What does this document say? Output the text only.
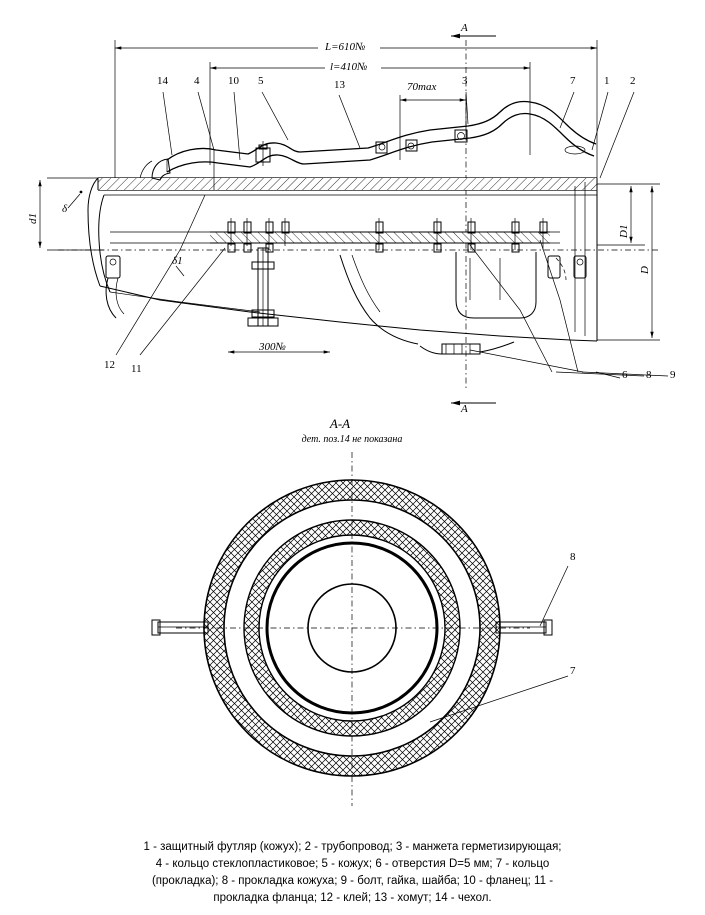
A
A
L=610№
l=410№
70max
300№
d1
δ
D1
D
δ1
14 4	10 5	13	3	7	1 2
12 11	6 8 9
А-А
дет. поз.14 не показана
8
7
1 - защитный футляр (кожух); 2 - трубопровод; 3 - манжета герметизирующая;
4 - кольцо стеклопластиковое; 5 - кожух; 6 - отверстия D=5 мм; 7 - кольцо
(прокладка); 8 - прокладка кожуха; 9 - болт, гайка, шайба; 10 - фланец; 11 -
прокладка фланца; 12 - клей; 13 - хомут; 14 - чехол.
